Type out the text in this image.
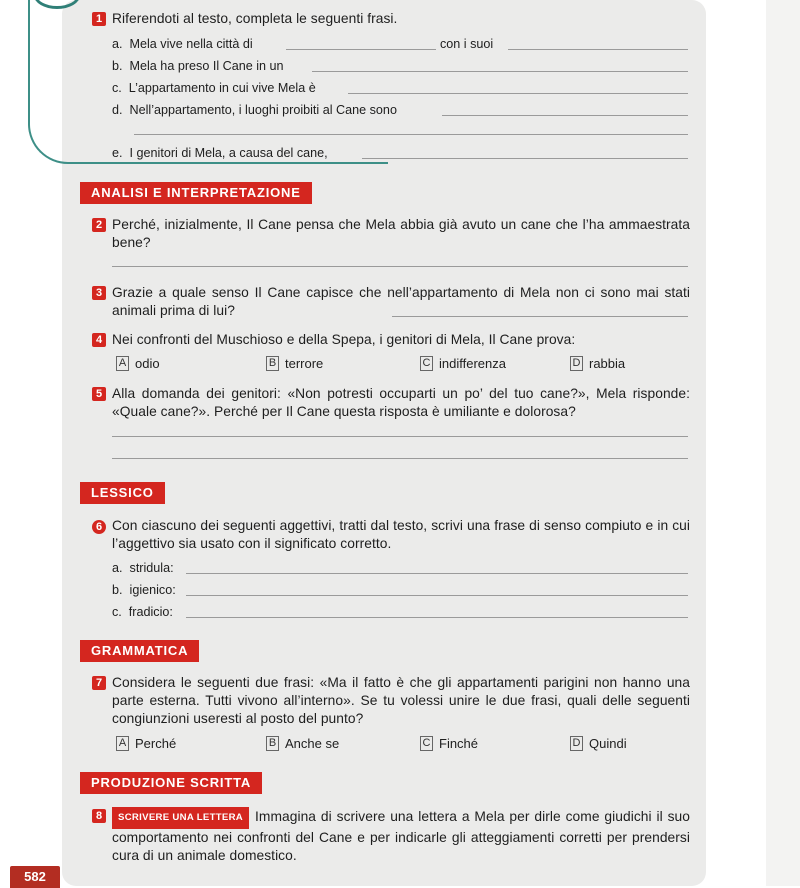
1 Riferendoti al testo, completa le seguenti frasi.
a. Mela vive nella città di	con i suoi
b. Mela ha preso Il Cane in un
c. L’appartamento in cui vive Mela è
d. Nell’appartamento, i luoghi proibiti al Cane sono
e. I genitori di Mela, a causa del cane,
ANALISI E INTERPRETAZIONE
2 Perché, inizialmente, Il Cane pensa che Mela abbia già avuto un cane che l’ha ammaestrata bene?
3 Grazie a quale senso Il Cane capisce che nell’appartamento di Mela non ci sono mai stati animali prima di lui?
4 Nei confronti del Muschioso e della Spepa, i genitori di Mela, Il Cane prova:
A odio	B terrore	C indifferenza	D rabbia
5 Alla domanda dei genitori: «Non potresti occuparti un po’ del tuo cane?», Mela risponde: «Quale cane?». Perché per Il Cane questa risposta è umiliante e dolorosa?
LESSICO
6 Con ciascuno dei seguenti aggettivi, tratti dal testo, scrivi una frase di senso compiuto e in cui l’aggettivo sia usato con il significato corretto.
a. stridula:
b. igienico:
c. fradicio:
GRAMMATICA
7 Considera le seguenti due frasi: «Ma il fatto è che gli appartamenti parigini non hanno una parte esterna. Tutti vivono all’interno». Se tu volessi unire le due frasi, quali delle seguenti congiunzioni useresti al posto del punto?
A Perché	B Anche se	C Finché	D Quindi
PRODUZIONE SCRITTA
8	SCRIVERE UNA LETTERA Immagina di scrivere una lettera a Mela per dirle come giudichi il suo comportamento nei confronti del Cane e per indicarle gli atteggiamenti corretti per prendersi cura di un animale domestico.
582
